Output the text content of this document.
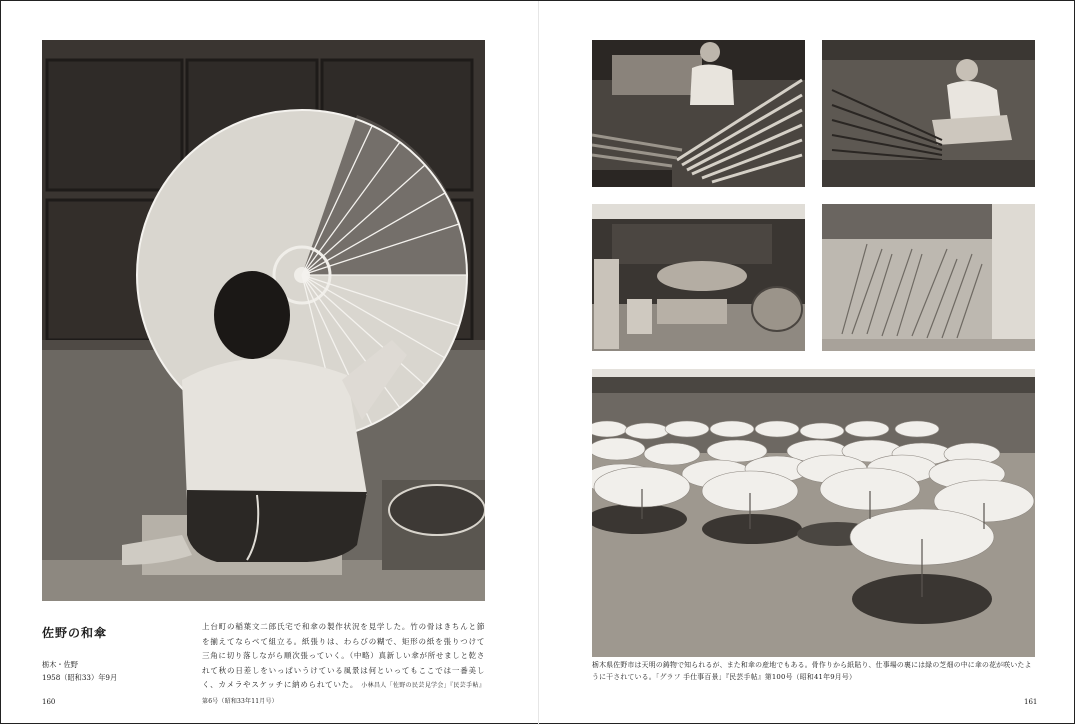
佐野の和傘
栃木・佐野
1958（昭和33）年9月
上台町の稲葉文二郎氏宅で和傘の製作状況を見学した。竹の骨はきちんと節を揃えてならべて組立る。紙張りは、わらびの糊で、矩形の紙を張りつけて三角に切り落しながら順次張っていく。（中略）真新しい傘が所せましと乾されて秋の日差しをいっぱいうけている風景は何といってもここでは一番美しく、カメラやスケッチに納められていた。 小林昌人「佐野の民芸見学会」『民芸手帖』第6号（昭和33年11月号）
栃木県佐野市は天明の鋳物で知られるが、また和傘の産地でもある。骨作りから紙貼り、仕事場の裏には緑の芝畑の中に傘の花が咲いたように干されている。「グラフ 手仕事百景」『民芸手帖』第100号（昭和41年9月号）
160	161
